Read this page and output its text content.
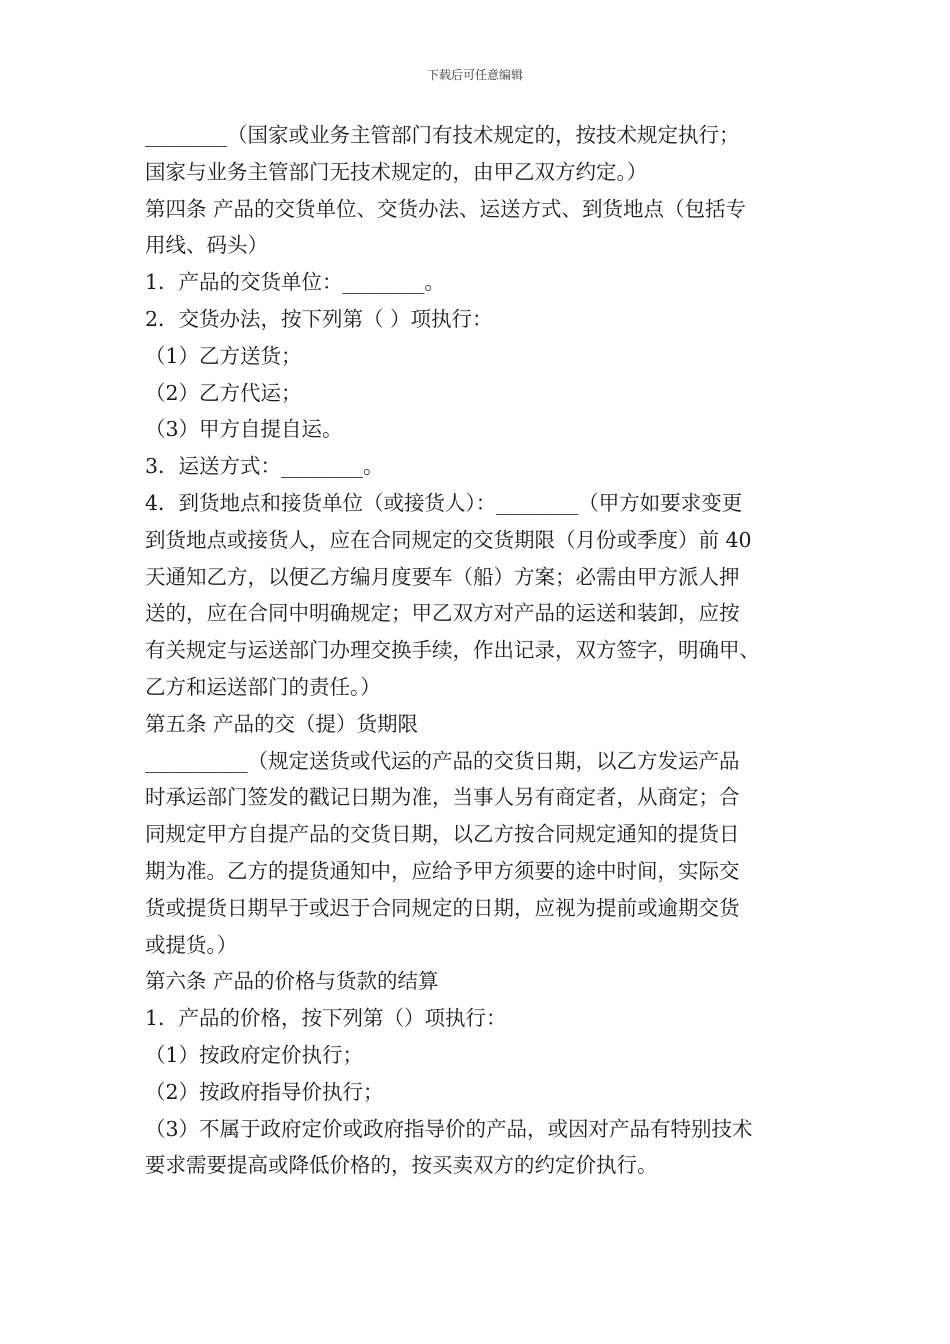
下载后可任意编辑
________（国家或业务主管部门有技术规定的，按技术规定执行；
国家与业务主管部门无技术规定的，由甲乙双方约定。）
第四条 产品的交货单位、交货办法、运送方式、到货地点（包括专
用线、码头）
1．产品的交货单位：________。
2．交货办法，按下列第（ ）项执行：
（1）乙方送货；
（2）乙方代运；
（3）甲方自提自运。
3．运送方式：________。
4．到货地点和接货单位（或接货人）：________（甲方如要求变更
到货地点或接货人，应在合同规定的交货期限（月份或季度）前 40
天通知乙方，以便乙方编月度要车（船）方案；必需由甲方派人押
送的，应在合同中明确规定；甲乙双方对产品的运送和装卸，应按
有关规定与运送部门办理交换手续，作出记录，双方签字，明确甲、
乙方和运送部门的责任。）
第五条 产品的交（提）货期限
__________（规定送货或代运的产品的交货日期，以乙方发运产品
时承运部门签发的戳记日期为准，当事人另有商定者，从商定；合
同规定甲方自提产品的交货日期，以乙方按合同规定通知的提货日
期为准。乙方的提货通知中，应给予甲方须要的途中时间，实际交
货或提货日期早于或迟于合同规定的日期，应视为提前或逾期交货
或提货。）
第六条 产品的价格与货款的结算
1．产品的价格，按下列第（）项执行：
（1）按政府定价执行；
（2）按政府指导价执行；
（3）不属于政府定价或政府指导价的产品，或因对产品有特别技术
要求需要提高或降低价格的，按买卖双方的约定价执行。
